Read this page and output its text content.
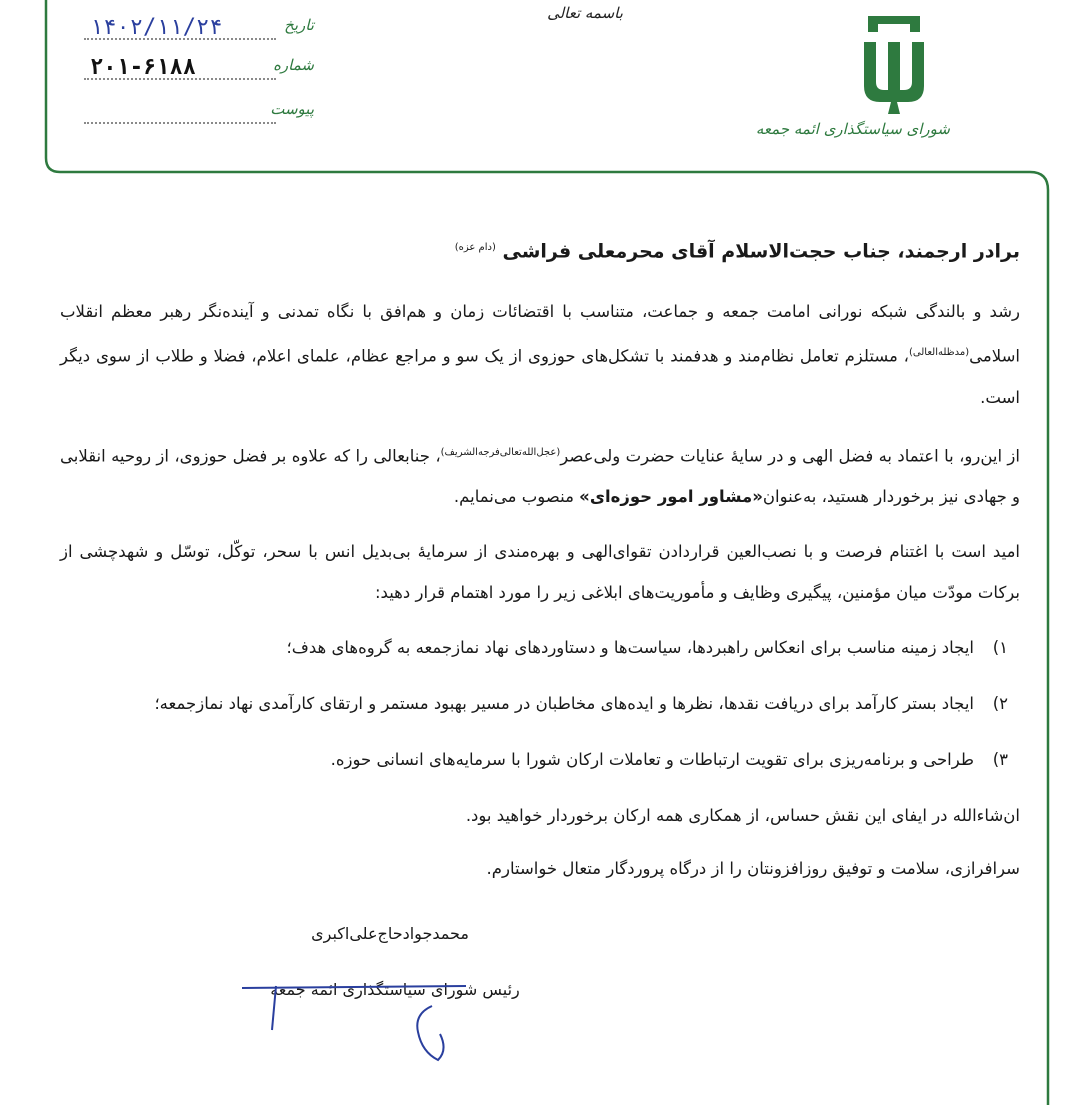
شورای سیاستگذاری ائمه جمعه
باسمه تعالی
تاریخ
۱۴۰۲/۱۱/۲۴
شماره
۲۰۱-۶۱۸۸
پیوست

برادر ارجمند، جناب حجت‌الاسلام آقای محرمعلی فراشی $^{(دام عزه)}$

رشد و بالندگی شبکه نورانی امامت جمعه و جماعت، متناسب با اقتضائات زمان و هم‌افق با نگاه تمدنی و آینده‌نگر رهبر معظم انقلاب اسلامی$^{(مدظله‌العالی)}$، مستلزم تعامل نظام‌مند و هدفمند با تشکل‌های حوزوی از یک سو و مراجع عظام، علمای اعلام، فضلا و طلاب از سوی دیگر است.

از این‌رو، با اعتماد به فضل الهی و در سایهٔ عنایات حضرت ولی‌عصر$^{(عجل‌الله‌تعالی‌فرجه‌الشریف)}$، جنابعالی را که علاوه بر فضل حوزوی، از روحیه انقلابی و جهادی نیز برخوردار هستید، به‌عنوان«مشاور امور حوزه‌ای» منصوب می‌نمایم.

امید است با اغتنام فرصت و با نصب‌العین قراردادن تقوای‌الهی و بهره‌مندی از سرمایهٔ بی‌بدیل انس با سحر، توکّل، توسّل و شهدچشی از برکات مودّت میان مؤمنین، پیگیری وظایف و مأموریت‌های ابلاغی زیر را مورد اهتمام قرار دهید:

۱)ایجاد زمینه مناسب برای انعکاس راهبردها، سیاست‌ها و دستاوردهای نهاد نمازجمعه به گروه‌های هدف؛
۲)ایجاد بستر کارآمد برای دریافت نقدها، نظرها و ایده‌های مخاطبان در مسیر بهبود مستمر و ارتقای کارآمدی نهاد نمازجمعه؛
۳)طراحی و برنامه‌ریزی برای تقویت ارتباطات و تعاملات ارکان شورا با سرمایه‌های انسانی حوزه.

ان‌شاءالله در ایفای این نقش حساس، از همکاری همه ارکان برخوردار خواهید بود.

سرافرازی، سلامت و توفیق روزافزونتان را از درگاه پروردگار متعال خواستارم.

محمدجوادحاج‌علی‌اکبری
رئیس شورای سیاستگذاری ائمه جمعه
